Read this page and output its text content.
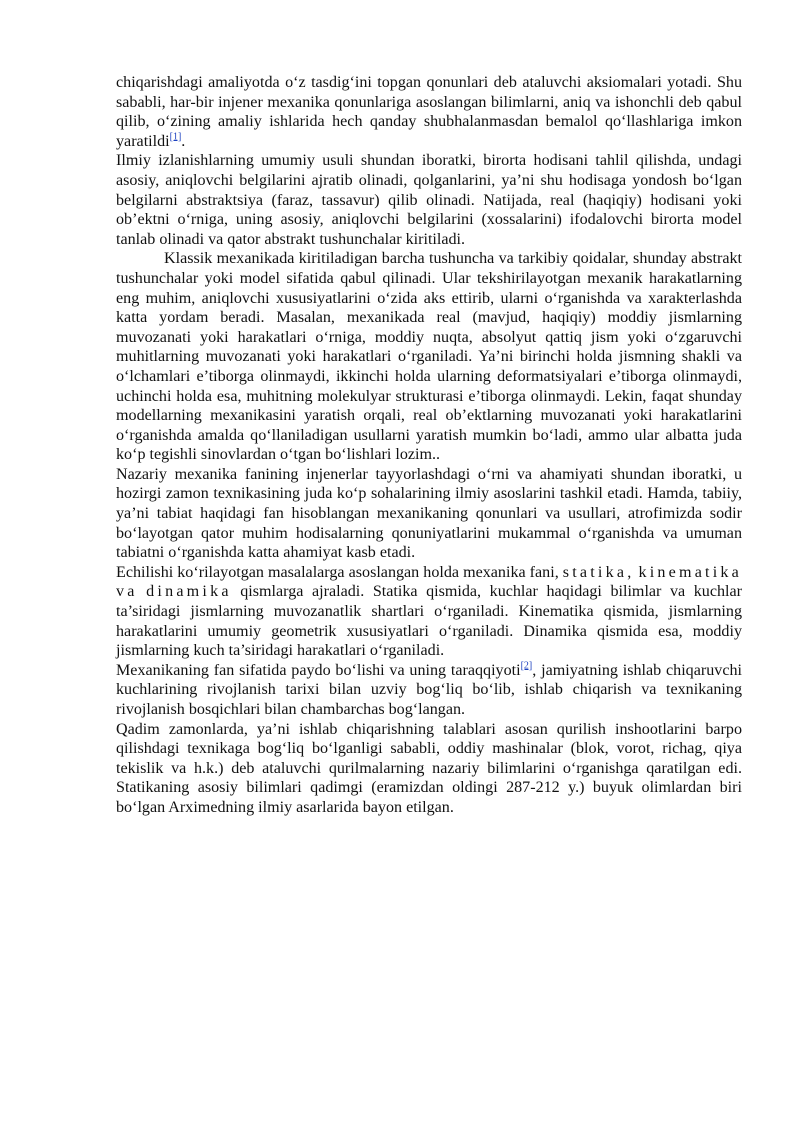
chiqarishdagi amaliyotda o‘z tasdig‘ini topgan qonunlari deb ataluvchi aksiomalari yotadi. Shu sababli, har-bir injener mexanika qonunlariga asoslangan bilimlarni, aniq va ishonchli deb qabul qilib, o‘zining amaliy ishlarida hech qanday shubhalanmasdan bemalol qo‘llashlariga imkon yaratildi[1].

Ilmiy izlanishlarning umumiy usuli shundan iboratki, birorta hodisani tahlil qilishda, undagi asosiy, aniqlovchi belgilarini ajratib olinadi, qolganlarini, ya’ni shu hodisaga yondosh bo‘lgan belgilarni abstraktsiya (faraz, tassavur) qilib olinadi. Natijada, real (haqiqiy) hodisani yoki ob’ektni o‘rniga, uning asosiy, aniqlovchi belgilarini (xossalarini) ifodalovchi birorta model tanlab olinadi va qator abstrakt tushunchalar kiritiladi.

Klassik mexanikada kiritiladigan barcha tushuncha va tarkibiy qoidalar, shunday abstrakt tushunchalar yoki model sifatida qabul qilinadi. Ular tekshirilayotgan mexanik harakatlarning eng muhim, aniqlovchi xususiyatlarini o‘zida aks ettirib, ularni o‘rganishda va xarakterlashda katta yordam beradi. Masalan, mexanikada real (mavjud, haqiqiy) moddiy jismlarning muvozanati yoki harakatlari o‘rniga, moddiy nuqta, absolyut qattiq jism yoki o‘zgaruvchi muhitlarning muvozanati yoki harakatlari o‘rganiladi. Ya’ni birinchi holda jismning shakli va o‘lchamlari e’tiborga olinmaydi, ikkinchi holda ularning deformatsiyalari e’tiborga olinmaydi, uchinchi holda esa, muhitning molekulyar strukturasi e’tiborga olinmaydi. Lekin, faqat shunday modellarning mexanikasini yaratish orqali, real ob’ektlarning muvozanati yoki harakatlarini o‘rganishda amalda qo‘llaniladigan usullarni yaratish mumkin bo‘ladi, ammo ular albatta juda ko‘p tegishli sinovlardan o‘tgan bo‘lishlari lozim..

Nazariy mexanika fanining injenerlar tayyorlashdagi o‘rni va ahamiyati shundan iboratki, u hozirgi zamon texnikasining juda ko‘p sohalarining ilmiy asoslarini tashkil etadi. Hamda, tabiiy, ya’ni tabiat haqidagi fan hisoblangan mexanikaning qonunlari va usullari, atrofimizda sodir bo‘layotgan qator muhim hodisalarning qonuniyatlarini mukammal o‘rganishda va umuman tabiatni o‘rganishda katta ahamiyat kasb etadi.

Echilishi ko‘rilayotgan masalalarga asoslangan holda mexanika fani, statika, kinematika va dinamika qismlarga ajraladi. Statika qismida, kuchlar haqidagi bilimlar va kuchlar ta’siridagi jismlarning muvozanatlik shartlari o‘rganiladi. Kinematika qismida, jismlarning harakatlarini umumiy geometrik xususiyatlari o‘rganiladi. Dinamika qismida esa, moddiy jismlarning kuch ta’siridagi harakatlari o‘rganiladi.

Mexanikaning fan sifatida paydo bo‘lishi va uning taraqqiyoti[2], jamiyatning ishlab chiqaruvchi kuchlarining rivojlanish tarixi bilan uzviy bog‘liq bo‘lib, ishlab chiqarish va texnikaning rivojlanish bosqichlari bilan chambarchas bog‘langan.

Qadim zamonlarda, ya’ni ishlab chiqarishning talablari asosan qurilish inshootlarini barpo qilishdagi texnikaga bog‘liq bo‘lganligi sababli, oddiy mashinalar (blok, vorot, richag, qiya tekislik va h.k.) deb ataluvchi qurilmalarning nazariy bilimlarini o‘rganishga qaratilgan edi. Statikaning asosiy bilimlari qadimgi (eramizdan oldingi 287-212 y.) buyuk olimlardan biri bo‘lgan Arximedning ilmiy asarlarida bayon etilgan.
